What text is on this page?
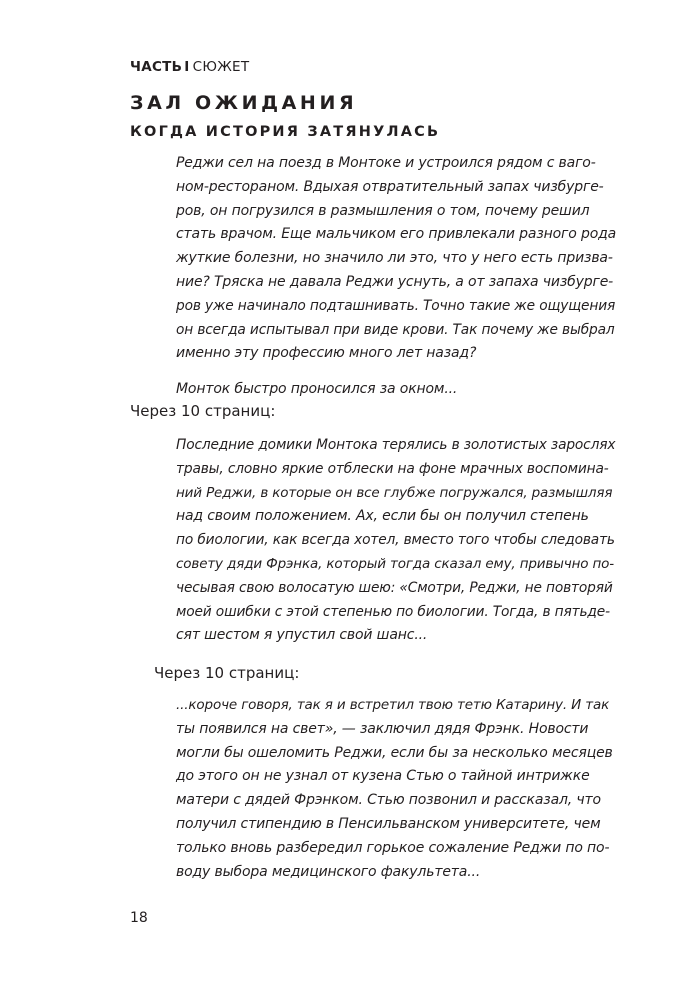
ЧАСТЬ I СЮЖЕТ
ЗАЛ ОЖИДАНИЯ
КОГДА ИСТОРИЯ ЗАТЯНУЛАСЬ

Реджи сел на поезд в Монтоке и устроился рядом с ваго-
ном-рестораном. Вдыхая отвратительный запах чизбурге-
ров, он погрузился в размышления о том, почему решил
стать врачом. Еще мальчиком его привлекали разного рода
жуткие болезни, но значило ли это, что у него есть призва-
ние? Тряска не давала Реджи уснуть, а от запаха чизбурге-
ров уже начинало подташнивать. Точно такие же ощущения
он всегда испытывал при виде крови. Так почему же выбрал
именно эту профессию много лет назад?

Монток быстро проносился за окном...

Через 10 страниц:

Последние домики Монтока терялись в золотистых зарослях
травы, словно яркие отблески на фоне мрачных воспомина-
ний Реджи, в которые он все глубже погружался, размышляя
над своим положением. Ах, если бы он получил степень
по биологии, как всегда хотел, вместо того чтобы следовать
совету дяди Фрэнка, который тогда сказал ему, привычно по-
чесывая свою волосатую шею: «Смотри, Реджи, не повторяй
моей ошибки с этой степенью по биологии. Тогда, в пятьде-
сят шестом я упустил свой шанс...

Через 10 страниц:

...короче говоря, так я и встретил твою тетю Катарину. И так
ты появился на свет», — заключил дядя Фрэнк. Новости
могли бы ошеломить Реджи, если бы за несколько месяцев
до этого он не узнал от кузена Стью о тайной интрижке
матери с дядей Фрэнком. Стью позвонил и рассказал, что
получил стипендию в Пенсильванском университете, чем
только вновь разбередил горькое сожаление Реджи по по-
воду выбора медицинского факультета...

18
